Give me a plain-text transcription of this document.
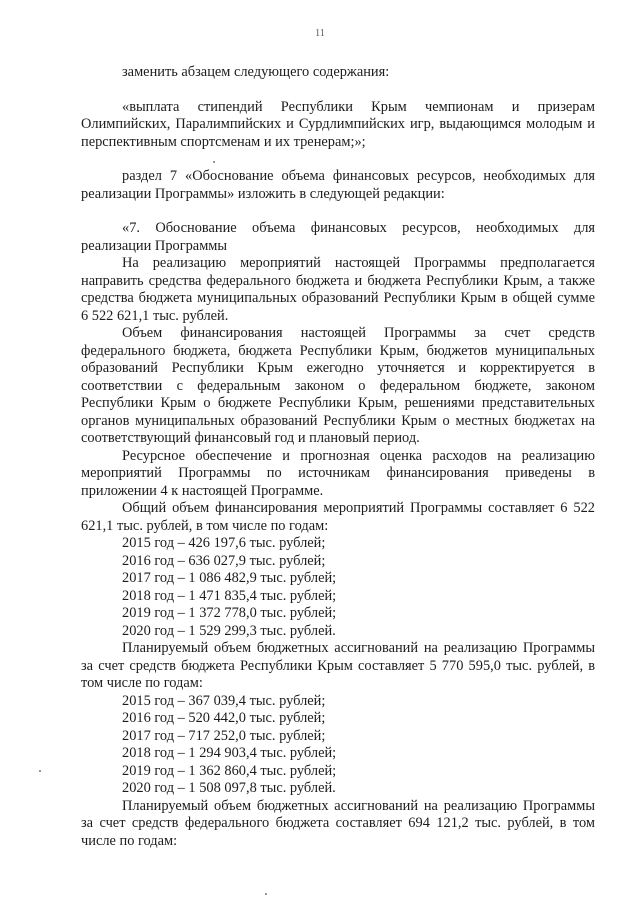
11

заменить абзацем следующего содержания:

«выплата стипендий Республики Крым чемпионам и призерам Олимпийских, Паралимпийских и Сурдлимпийских игр, выдающимся молодым и перспективным спортсменам и их тренерам;»;

раздел 7 «Обоснование объема финансовых ресурсов, необходимых для реализации Программы» изложить в следующей редакции:

«7. Обоснование объема финансовых ресурсов, необходимых для реализации Программы

На реализацию мероприятий настоящей Программы предполагается направить средства федерального бюджета и бюджета Республики Крым, а также средства бюджета муниципальных образований Республики Крым в общей сумме 6 522 621,1 тыс. рублей.

Объем финансирования настоящей Программы за счет средств федерального бюджета, бюджета Республики Крым, бюджетов муниципальных образований Республики Крым ежегодно уточняется и корректируется в соответствии с федеральным законом о федеральном бюджете, законом Республики Крым о бюджете Республики Крым, решениями представительных органов муниципальных образований Республики Крым о местных бюджетах на соответствующий финансовый год и плановый период.

Ресурсное обеспечение и прогнозная оценка расходов на реализацию мероприятий Программы по источникам финансирования приведены в приложении 4 к настоящей Программе.

Общий объем финансирования мероприятий Программы составляет 6 522 621,1 тыс. рублей, в том числе по годам:

2015 год – 426 197,6 тыс. рублей;

2016 год – 636 027,9 тыс. рублей;

2017 год – 1 086 482,9 тыс. рублей;

2018 год – 1 471 835,4 тыс. рублей;

2019 год – 1 372 778,0 тыс. рублей;

2020 год – 1 529 299,3 тыс. рублей.

Планируемый объем бюджетных ассигнований на реализацию Программы за счет средств бюджета Республики Крым составляет 5 770 595,0 тыс. рублей, в том числе по годам:

2015 год – 367 039,4 тыс. рублей;

2016 год – 520 442,0 тыс. рублей;

2017 год – 717 252,0 тыс. рублей;

2018 год – 1 294 903,4 тыс. рублей;

2019 год – 1 362 860,4 тыс. рублей;

2020 год – 1 508 097,8 тыс. рублей.

Планируемый объем бюджетных ассигнований на реализацию Программы за счет средств федерального бюджета составляет 694 121,2 тыс. рублей, в том числе по годам:
